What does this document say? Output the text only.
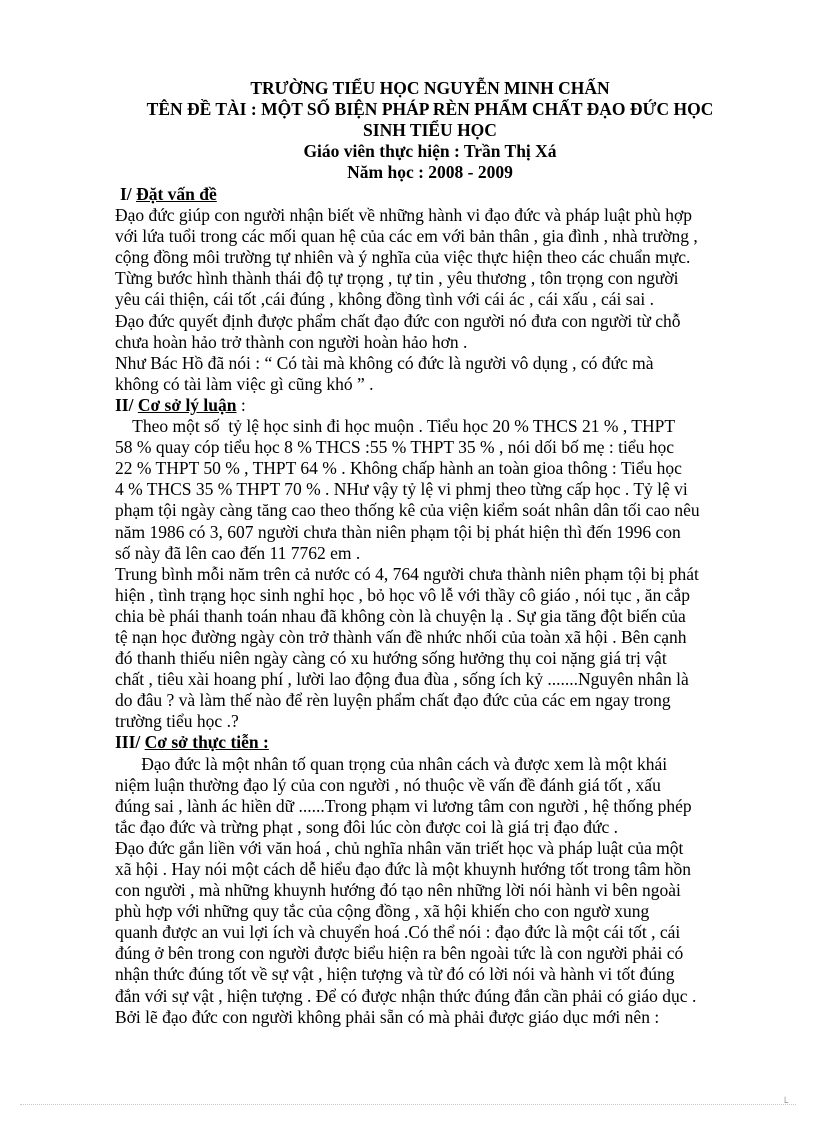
TRƯỜNG TIỂU HỌC NGUYỄN MINH CHẤN
TÊN ĐỀ TÀI : MỘT SỐ BIỆN PHÁP RÈN PHẨM CHẤT ĐẠO ĐỨC HỌC
SINH TIỂU HỌC
Giáo viên thực hiện : Trần Thị Xá
Năm học : 2008 - 2009
I/ Đặt vấn đề
Đạo đức giúp con người nhận biết về những hành vi đạo đức và pháp luật phù hợp
với lứa tuổi trong các mối quan hệ của các em với bản thân , gia đình , nhà trường ,
cộng đồng môi trường tự nhiên và ý nghĩa của việc thực hiện theo các chuẩn mực.
Từng bước hình thành thái độ tự trọng , tự tin , yêu thương , tôn trọng con người
yêu cái thiện, cái tốt ,cái đúng , không đồng tình với cái ác , cái xấu , cái sai .
Đạo đức quyết định được phẩm chất đạo đức con người nó đưa con người từ chỗ
chưa hoàn hảo trở thành con người hoàn hảo hơn .
Như Bác Hồ đã nói : “ Có tài mà không có đức là người vô dụng , có đức mà
không có tài làm việc gì cũng khó ” .
II/ Cơ sở lý luận :
Theo một số  tỷ lệ học sinh đi học muộn . Tiểu học 20 % THCS 21 % , THPT
58 % quay cóp tiểu học 8 % THCS :55 % THPT 35 % , nói dối bố mẹ : tiểu học
22 % THPT 50 % , THPT 64 % . Không chấp hành an toàn gioa thông : Tiểu học
4 % THCS 35 % THPT 70 % . NHư vậy tỷ lệ vi phmj theo từng cấp học . Tỷ lệ vi
phạm tội ngày càng tăng cao theo thống kê của viện kiểm soát nhân dân tối cao nêu
năm 1986 có 3, 607 người chưa thàn niên phạm tội bị phát hiện thì đến 1996 con
số này đã lên cao đến 11 7762 em .
Trung bình mỗi năm trên cả nước có 4, 764 người chưa thành niên phạm tội bị phát
hiện , tình trạng học sinh nghỉ học , bỏ học vô lễ với thầy cô giáo , nói tục , ăn cắp
chia bè phái thanh toán nhau đã không còn là chuyện lạ . Sự gia tăng đột biến của
tệ nạn học đường ngày còn trở thành vấn đề nhức nhối của toàn xã hội . Bên cạnh
đó thanh thiếu niên ngày càng có xu hướng sống hưởng thụ coi nặng giá trị vật
chất , tiêu xài hoang phí , lười lao động đua đùa , sống ích kỷ .......Nguyên nhân là
do đâu ? và làm thế nào để rèn luyện phẩm chất đạo đức của các em ngay trong
trường tiểu học .?
III/ Cơ sở thực tiễn :
Đạo đức là một nhân tố quan trọng của nhân cách và được xem là một khái
niệm luận thường đạo lý của con người , nó thuộc về vấn đề đánh giá tốt , xấu
đúng sai , lành ác hiền dữ ......Trong phạm vi lương tâm con người , hệ thống phép
tắc đạo đức và trừng phạt , song đôi lúc còn được coi là giá trị đạo đức .
Đạo đức gắn liền với văn hoá , chủ nghĩa nhân văn triết học và pháp luật của một
xã hội . Hay nói một cách dễ hiểu đạo đức là một khuynh hướng tốt trong tâm hồn
con người , mà những khuynh hướng đó tạo nên những lời nói hành vi bên ngoài
phù hợp với những quy tắc của cộng đồng , xã hội khiến cho con ngườ xung
quanh được an vui lợi ích và chuyển hoá .Có thể nói : đạo đức là một cái tốt , cái
đúng ở bên trong con người được biểu hiện ra bên ngoài tức là con người phải có
nhận thức đúng tốt về sự vật , hiện tượng và từ đó có lời nói và hành vi tốt đúng
đắn với sự vật , hiện tượng . Để có được nhận thức đúng đắn cần phải có giáo dục .
Bởi lẽ đạo đức con người không phải sẵn có mà phải được giáo dục mới nên :
└
